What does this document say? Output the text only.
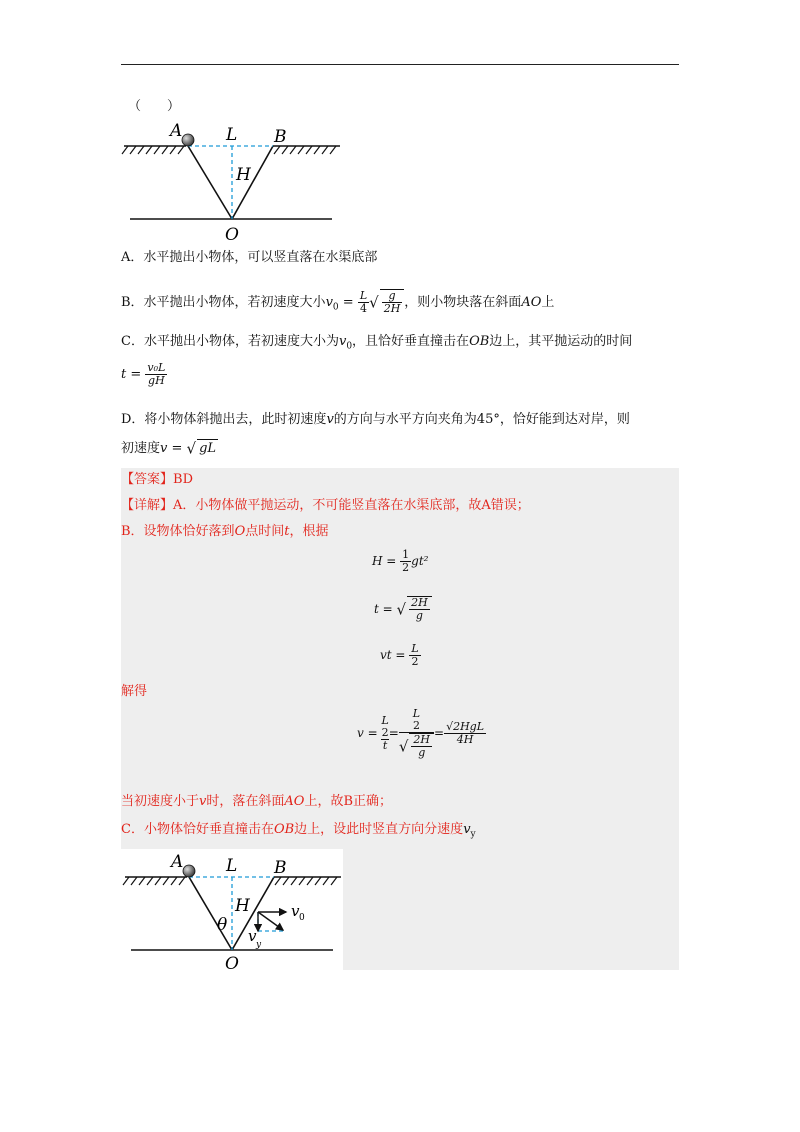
（　　）
A	L B
H
O
A．水平抛出小物体，可以竖直落在水渠底部
B．水平抛出小物体，若初速度大小$v_0 = \frac{L}{4}$ √ $\frac{g}{2H}$ ，则小物块落在斜面AO上
C．水平抛出小物体，若初速度大小为$v_0$，且恰好垂直撞击在OB边上，其平抛运动的时间
$t = \frac{\text{v₀L}}{gH}$
D．将小物体斜抛出去，此时初速度v的方向与水平方向夹角为45°，恰好能到达对岸，则
初速度v = √ gL
【答案】BD
【详解】A．小物体做平抛运动，不可能竖直落在水渠底部，故A错误；
B．设物体恰好落到O点时间t，根据
$H = \frac{1}{2} gt^2$
t = √ $\frac{2H}{g}$
vt = $\frac{L}{2}$
解得
v =
L
2
t
=
L
2
√ $\frac{2H}{g}$
= $\frac{\text{√2HgL}}{4H}$
当初速度小于v时，落在斜面AO上，故B正确；
C．小物体恰好垂直撞击在OB边上，设此时竖直方向分速度$v_y$
A	L B
H
θ
v 0
v y
O
